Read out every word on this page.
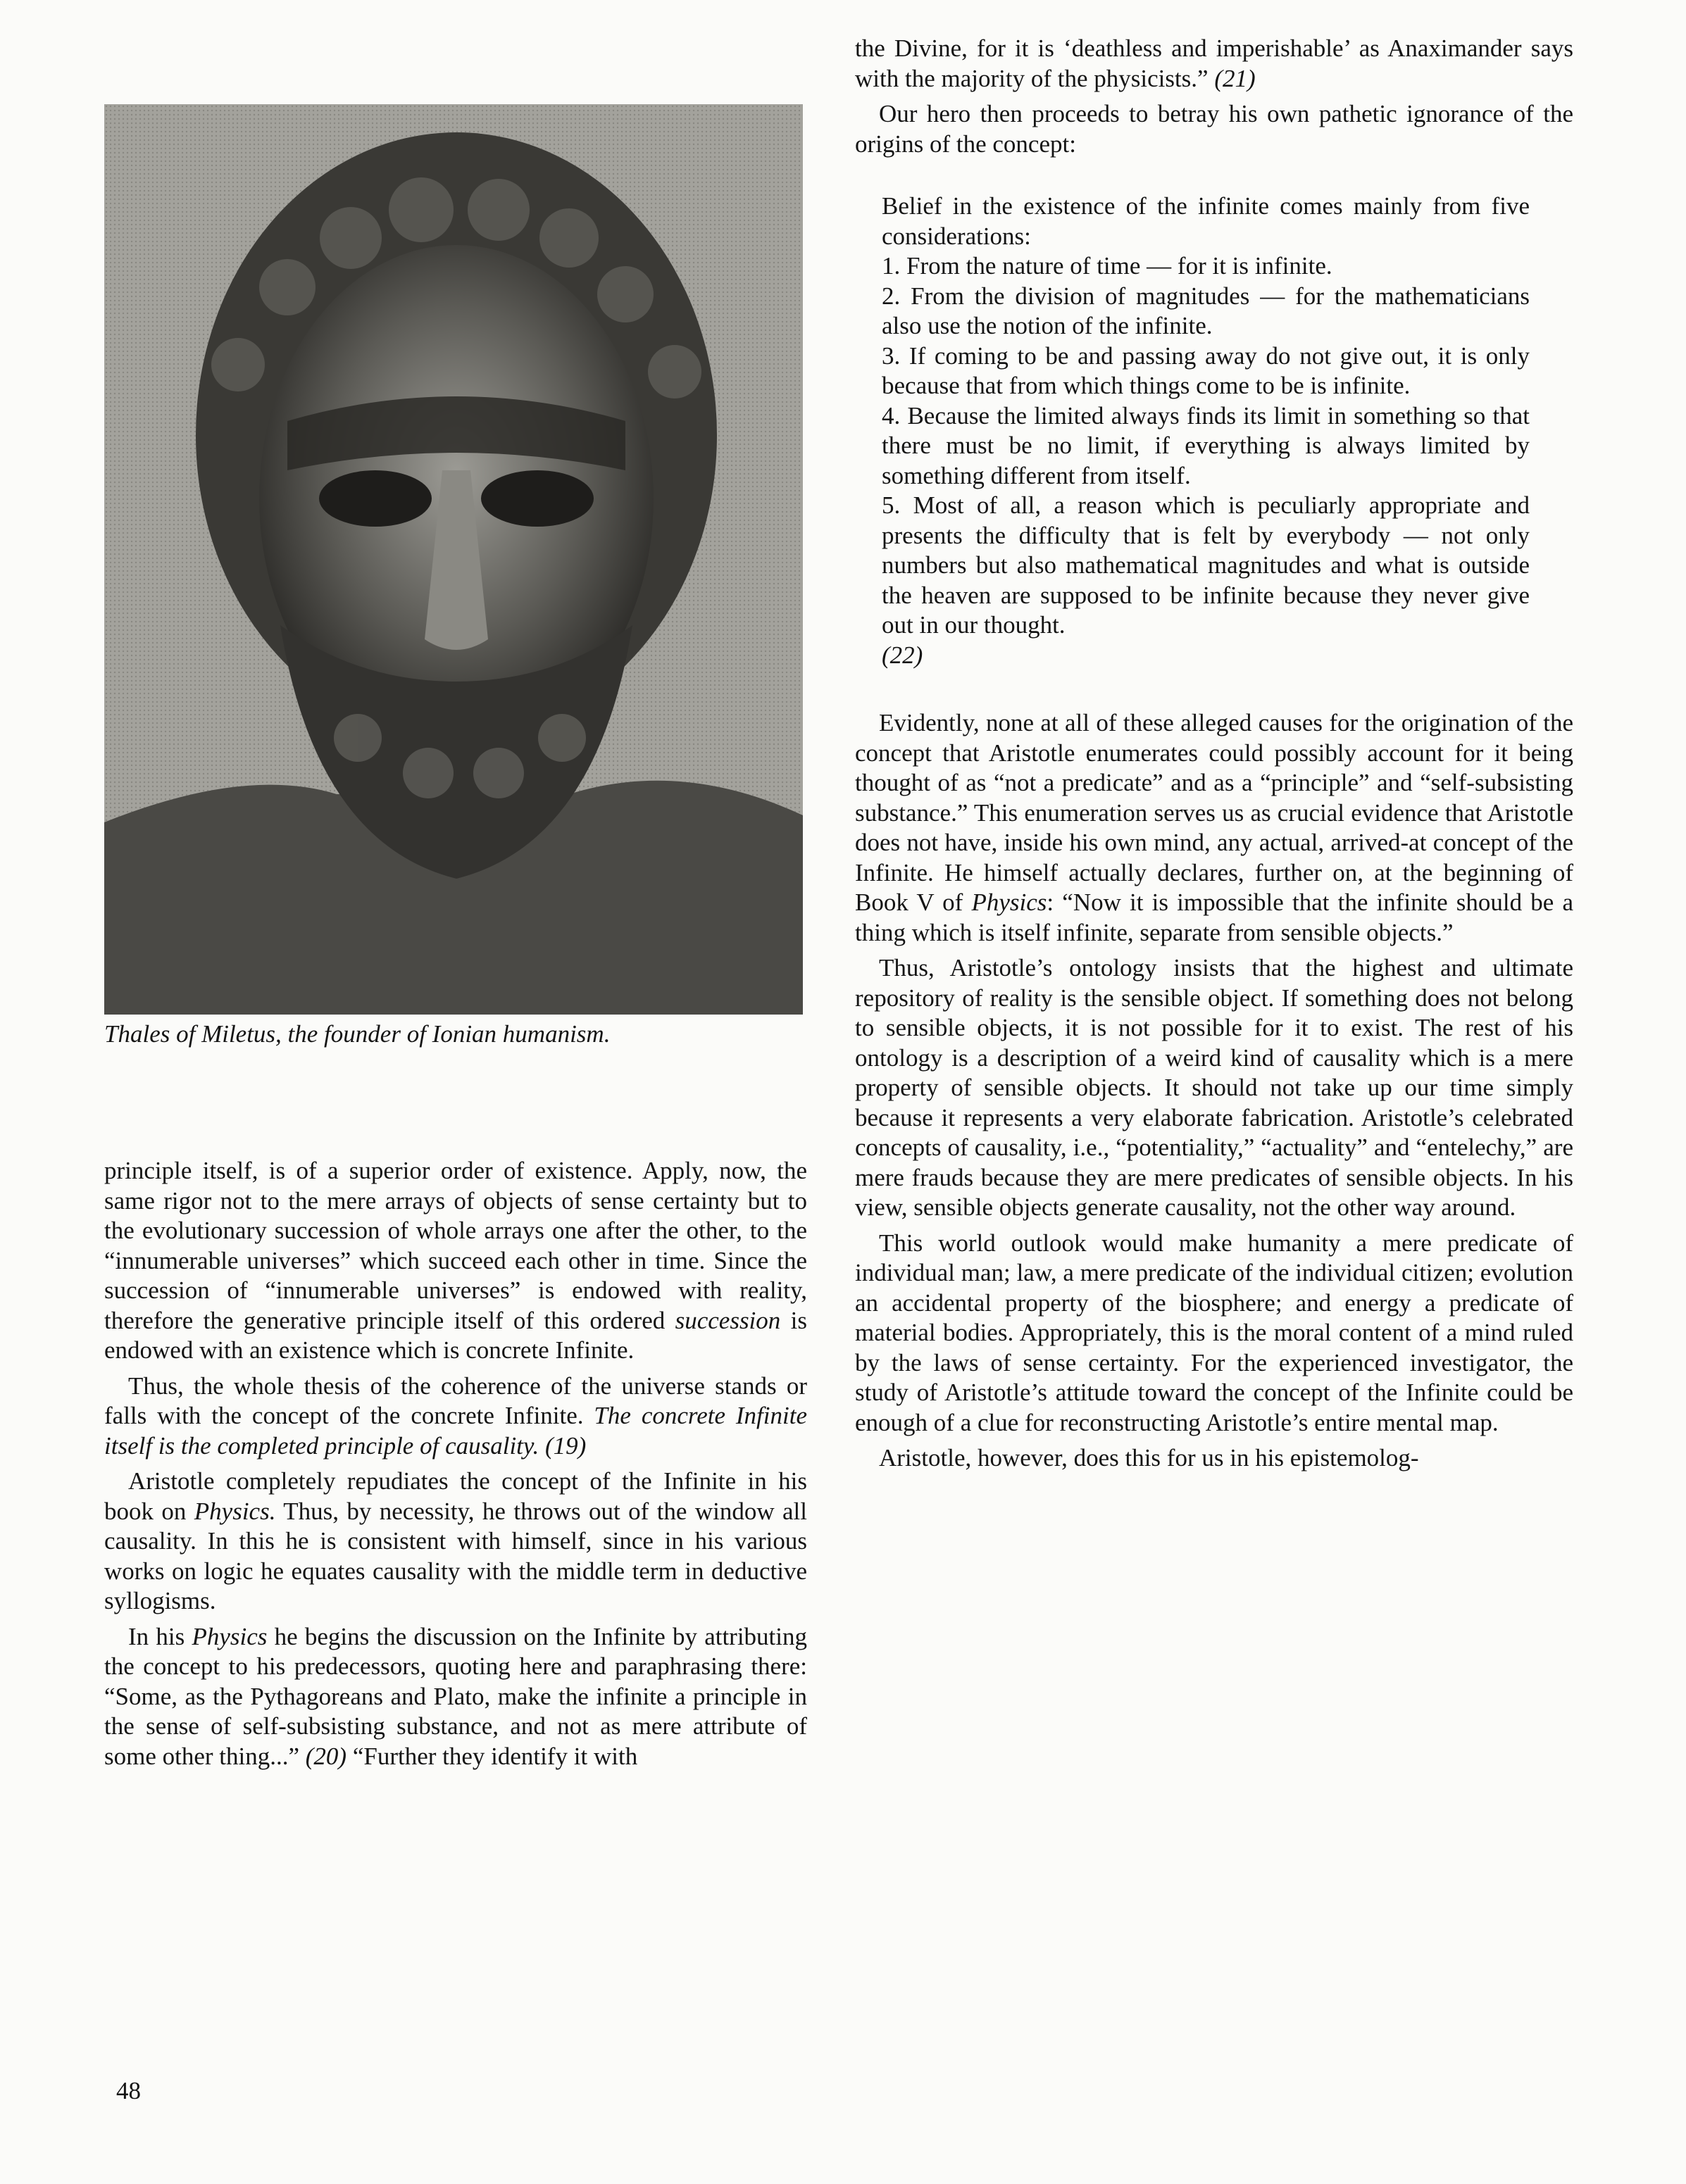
Thales of Miletus, the founder of Ionian humanism.

principle itself, is of a superior order of existence. Apply, now, the same rigor not to the mere arrays of objects of sense certainty but to the evolutionary succession of whole arrays one after the other, to the “innumerable universes” which succeed each other in time. Since the succession of “innumerable universes” is endowed with reality, therefore the generative principle itself of this ordered succession is endowed with an existence which is concrete Infinite.

Thus, the whole thesis of the coherence of the universe stands or falls with the concept of the concrete Infinite. The concrete Infinite itself is the completed principle of causality. (19)

Aristotle completely repudiates the concept of the Infinite in his book on Physics. Thus, by necessity, he throws out of the window all causality. In this he is consistent with himself, since in his various works on logic he equates causality with the middle term in deductive syllogisms.

In his Physics he begins the discussion on the Infinite by attributing the concept to his predecessors, quoting here and paraphrasing there: “Some, as the Pythagoreans and Plato, make the infinite a principle in the sense of self-subsisting substance, and not as mere attribute of some other thing...” (20) “Further they identify it with

the Divine, for it is ‘deathless and imperishable’ as Anaximander says with the majority of the physicists.” (21)

Our hero then proceeds to betray his own pathetic ignorance of the origins of the concept:

Belief in the existence of the infinite comes mainly from five considerations:
1. From the nature of time — for it is infinite.
2. From the division of magnitudes — for the mathematicians also use the notion of the infinite.
3. If coming to be and passing away do not give out, it is only because that from which things come to be is infinite.
4. Because the limited always finds its limit in something so that there must be no limit, if everything is always limited by something different from itself.
5. Most of all, a reason which is peculiarly appropriate and presents the difficulty that is felt by everybody — not only numbers but also mathematical magnitudes and what is outside the heaven are supposed to be infinite because they never give out in our thought.
(22)

Evidently, none at all of these alleged causes for the origination of the concept that Aristotle enumerates could possibly account for it being thought of as “not a predicate” and as a “principle” and “self-subsisting substance.” This enumeration serves us as crucial evidence that Aristotle does not have, inside his own mind, any actual, arrived-at concept of the Infinite. He himself actually declares, further on, at the beginning of Book V of Physics: “Now it is impossible that the infinite should be a thing which is itself infinite, separate from sensible objects.”

Thus, Aristotle’s ontology insists that the highest and ultimate repository of reality is the sensible object. If something does not belong to sensible objects, it is not possible for it to exist. The rest of his ontology is a description of a weird kind of causality which is a mere property of sensible objects. It should not take up our time simply because it represents a very elaborate fabrication. Aristotle’s celebrated concepts of causality, i.e., “potentiality,” “actuality” and “entelechy,” are mere frauds because they are mere predicates of sensible objects. In his view, sensible objects generate causality, not the other way around.

This world outlook would make humanity a mere predicate of individual man; law, a mere predicate of the individual citizen; evolution an accidental property of the biosphere; and energy a predicate of material bodies. Appropriately, this is the moral content of a mind ruled by the laws of sense certainty. For the experienced investigator, the study of Aristotle’s attitude toward the concept of the Infinite could be enough of a clue for reconstructing Aristotle’s entire mental map.

Aristotle, however, does this for us in his epistemolog-

48
